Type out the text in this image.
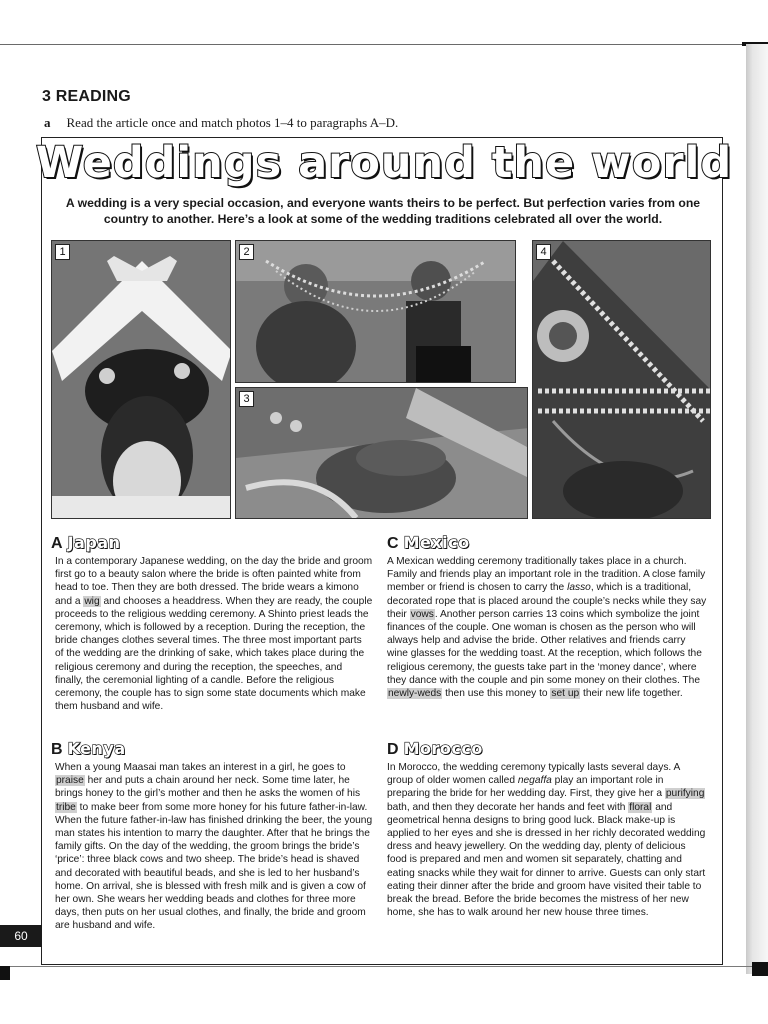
3 READING
a Read the article once and match photos 1–4 to paragraphs A–D.
Weddings around the world
A wedding is a very special occasion, and everyone wants theirs to be perfect. But perfection varies from one country to another. Here’s a look at some of the wedding traditions celebrated all over the world.
1	2
3
4
A Japan

In a contemporary Japanese wedding, on the day the bride and groom first go to a beauty salon where the bride is often painted white from head to toe. Then they are both dressed. The bride wears a kimono and a wig and chooses a headdress. When they are ready, the couple proceeds to the religious wedding ceremony. A Shinto priest leads the ceremony, which is followed by a reception. During the reception, the bride changes clothes several times. The three most important parts of the wedding are the drinking of sake, which takes place during the religious ceremony and during the reception, the speeches, and finally, the ceremonial lighting of a candle. Before the religious ceremony, the couple has to sign some state documents which make them husband and wife.

B Kenya

When a young Maasai man takes an interest in a girl, he goes to praise her and puts a chain around her neck. Some time later, he brings honey to the girl’s mother and then he asks the women of his tribe to make beer from some more honey for his future father-in-law. When the future father-in-law has finished drinking the beer, the young man states his intention to marry the daughter. After that he brings the family gifts. On the day of the wedding, the groom brings the bride’s ‘price’: three black cows and two sheep. The bride’s head is shaved and decorated with beautiful beads, and she is led to her husband’s home. On arrival, she is blessed with fresh milk and is given a cow of her own. She wears her wedding beads and clothes for three more days, then puts on her usual clothes, and finally, the bride and groom are husband and wife.

C Mexico

A Mexican wedding ceremony traditionally takes place in a church. Family and friends play an important role in the tradition. A close family member or friend is chosen to carry the lasso, which is a traditional, decorated rope that is placed around the couple’s necks while they say their vows. Another person carries 13 coins which symbolize the joint finances of the couple. One woman is chosen as the person who will always help and advise the bride. Other relatives and friends carry wine glasses for the wedding toast. At the reception, which follows the religious ceremony, the guests take part in the ‘money dance’, where they dance with the couple and pin some money on their clothes. The newly-weds then use this money to set up their new life together.

D Morocco

In Morocco, the wedding ceremony typically lasts several days. A group of older women called negaffa play an important role in preparing the bride for her wedding day. First, they give her a purifying bath, and then they decorate her hands and feet with floral and geometrical henna designs to bring good luck. Black make-up is applied to her eyes and she is dressed in her richly decorated wedding dress and heavy jewellery. On the wedding day, plenty of delicious food is prepared and men and women sit separately, chatting and eating snacks while they wait for dinner to arrive. Guests can only start eating their dinner after the bride and groom have visited their table to break the bread. Before the bride becomes the mistress of her new home, she has to walk around her new house three times.

60
